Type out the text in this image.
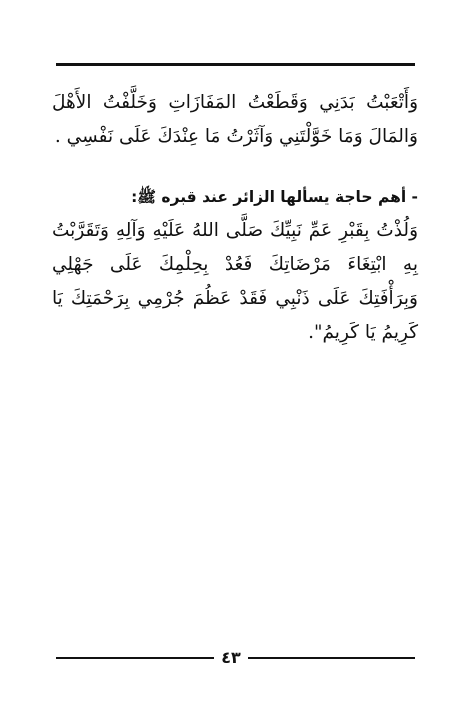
وَأَتْعَبْتُ بَدَنِي وَقَطَعْتُ المَفَازَاتِ وَخَلَّفْتُ الأَهْلَ وَالمَالَ وَمَا خَوَّلْتَنِي وَآثَرْتُ مَا عِنْدَكَ عَلَى نَفْسِي .
- أهم حاجة يسألها الزائر عند قبره ﷺ:
وَلُذْتُ بِقَبْرِ عَمِّ نَبِيِّكَ صَلَّى اللهُ عَلَيْهِ وَآلِهِ وَتَقَرَّبْتُ بِهِ ابْتِغَاءَ مَرْضَاتِكَ فَعُدْ بِحِلْمِكَ عَلَى جَهْلِي وَبِرَأْفَتِكَ عَلَى ذَنْبِي فَقَدْ عَظُمَ جُرْمِي بِرَحْمَتِكَ يَا كَرِيمُ يَا كَرِيمُ".
٤٣
